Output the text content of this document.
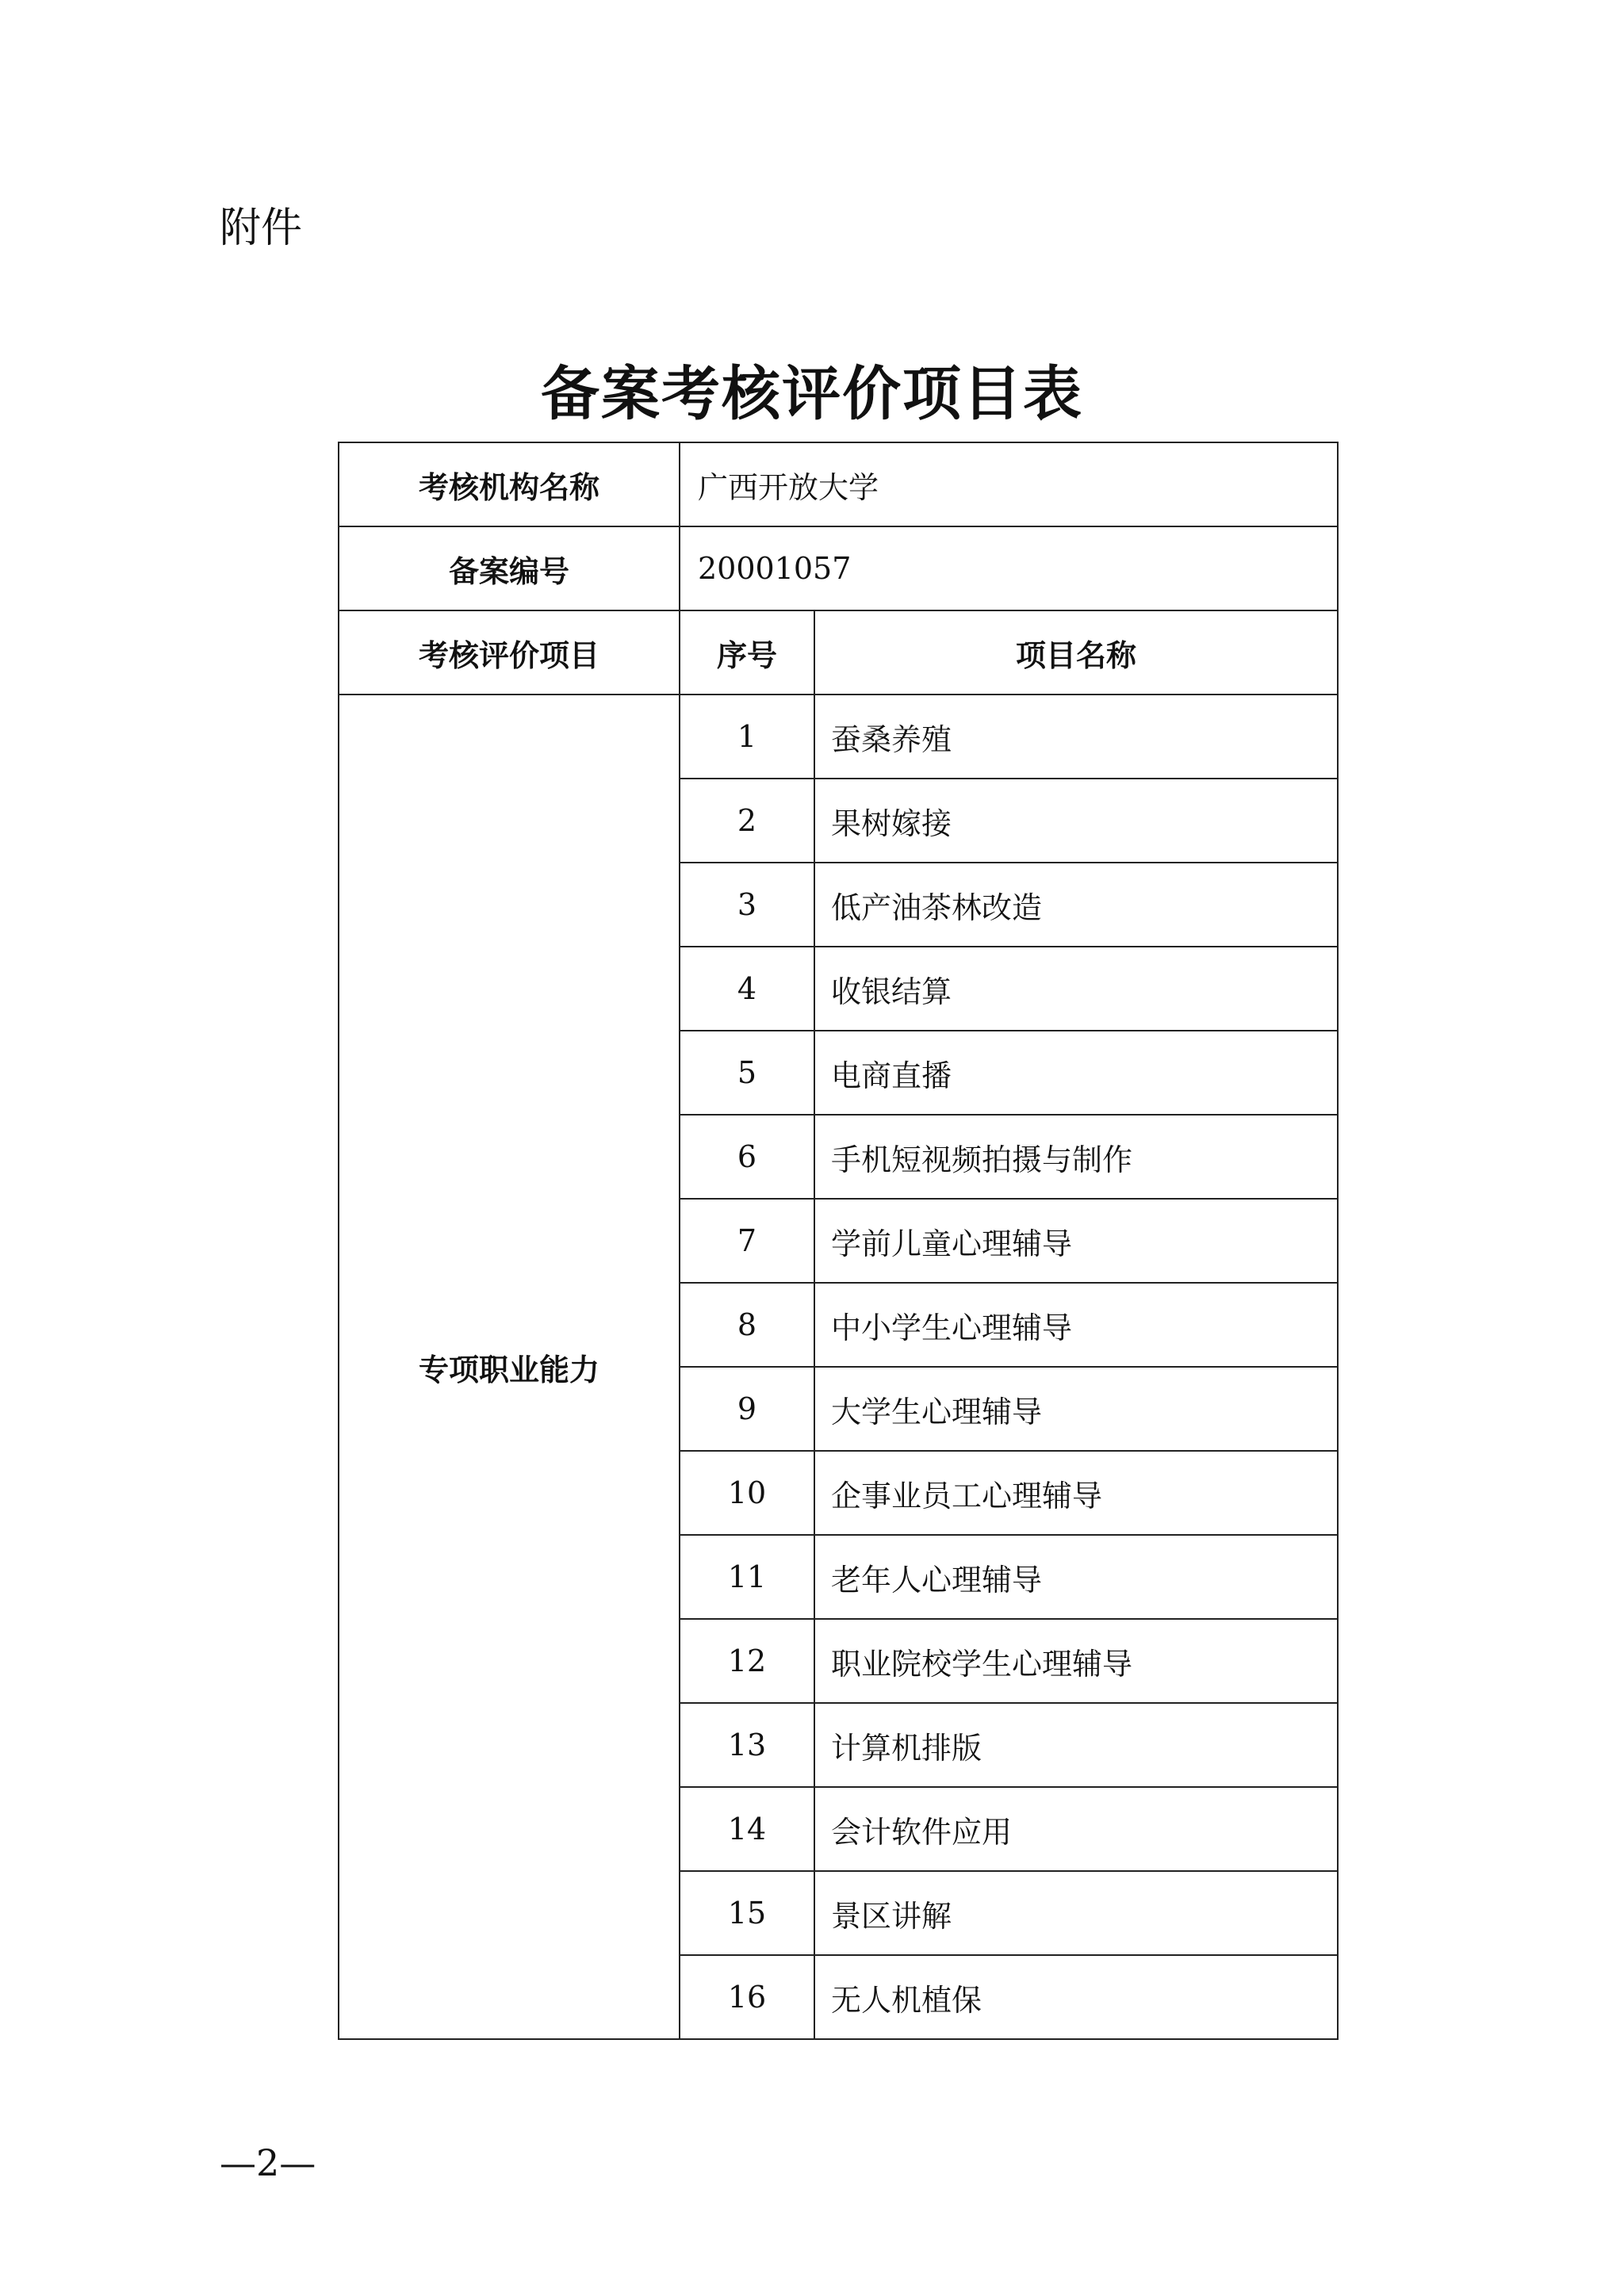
附件
备案考核评价项目表
考核机构名称	广西开放大学	
备案编号	20001057	
考核评价项目	序号	项目名称
专项职业能力	1	蚕桑养殖
	2	果树嫁接
	3	低产油茶林改造
	4	收银结算
	5	电商直播
	6	手机短视频拍摄与制作
	7	学前儿童心理辅导
	8	中小学生心理辅导
	9	大学生心理辅导
	10	企事业员工心理辅导
	11	老年人心理辅导
	12	职业院校学生心理辅导
	13	计算机排版
	14	会计软件应用
	15	景区讲解
	16	无人机植保
—2—
